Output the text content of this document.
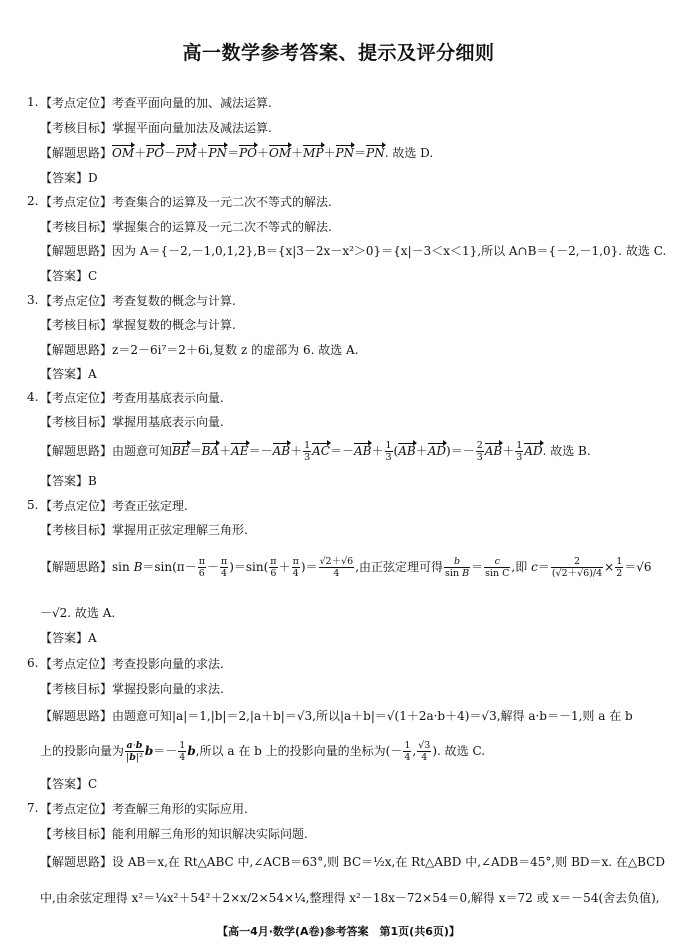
高一数学参考答案、提示及评分细则
1. 【考点定位】考查平面向量的加、减法运算.
【考核目标】掌握平面向量加法及减法运算.
【解题思路】OM＋PO－PM＋PN＝PO＋OM＋MP＋PN＝PN. 故选 D.
【答案】D
2. 【考点定位】考查集合的运算及一元二次不等式的解法.
【考核目标】掌握集合的运算及一元二次不等式的解法.
【解题思路】因为 A＝{－2,－1,0,1,2},B＝{x|3－2x－x²＞0}＝{x|－3＜x＜1},所以 A∩B＝{－2,－1,0}. 故选 C.
【答案】C
3. 【考点定位】考查复数的概念与计算.
【考核目标】掌握复数的概念与计算.
【解题思路】z＝2－6i⁷＝2＋6i,复数 z 的虚部为 6. 故选 A.
【答案】A
4. 【考点定位】考查用基底表示向量.
【考核目标】掌握用基底表示向量.
【解题思路】由题意可知$BE=BA+AE=-AB+ \frac{1}{3} AC=-AB+ \frac{1}{3} (AB+AD)=- \frac{2}{3} AB+ \frac{1}{3}$ AD. 故选 B.
【答案】B
5. 【考点定位】考查正弦定理.
【考核目标】掌握用正弦定理解三角形.
【解题思路】$\sin B=\sin(\pi- \frac{\pi}{6} - \frac{\pi}{4} )=\sin( \frac{\pi}{6} + \frac{\pi}{4}$ )＝ $\frac{√2+√6}{4}$ ,由正弦定理可得 $\frac{b}{\text{sin B}} = \frac{c}{\text{sin C}}$ ,即 $c= \frac{2}{(√2+√6)/4} \times \frac{1}{2} =√6$
－√2. 故选 A.
【答案】A
6. 【考点定位】考查投影向量的求法.
【考核目标】掌握投影向量的求法.
【解题思路】由题意可知|a|＝1,|b|＝2,|a＋b|＝√3,所以|a＋b|＝√(1＋2a·b＋4)＝√3,解得 a·b＝－1,则 a 在 b
上的投影向量为 $\frac{a\cdot b}{\text{|b|²}} b=- \frac{1}{4} b$,所以 a 在 b 上的投影向量的坐标为(－ $\frac{1}{4}$ , $\frac{√3}{4}$ ). 故选 C.
【答案】C
7. 【考点定位】考查解三角形的实际应用.
【考核目标】能利用解三角形的知识解决实际问题.
【解题思路】设 AB＝x,在 Rt△ABC 中,∠ACB＝63°,则 BC＝½x,在 Rt△ABD 中,∠ADB＝45°,则 BD＝x. 在△BCD
中,由余弦定理得 x²＝¼x²＋54²＋2×x/2×54×¼,整理得 x²－18x－72×54＝0,解得 x＝72 或 x＝－54(舍去负值),
【高一4月·数学(A卷)参考答案　第1页(共6页)】
